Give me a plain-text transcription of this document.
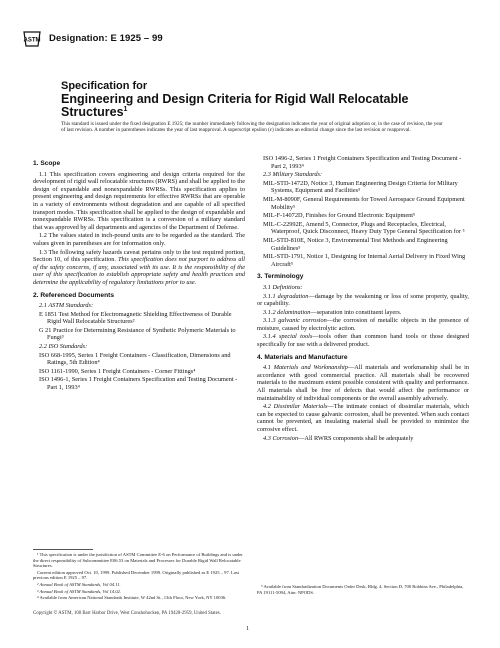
ASTM Designation: E 1925 – 99
Specification for
Engineering and Design Criteria for Rigid Wall Relocatable Structures$^1$
This standard is issued under the fixed designation E 1925; the number immediately following the designation indicates the year of original adoption or, in the case of revision, the year of last revision. A number in parentheses indicates the year of last reapproval. A superscript epsilon (ε) indicates an editorial change since the last revision or reapproval.
1. Scope

1.1 This specification covers engineering and design criteria required for the development of rigid wall relocatable structures (RWRS) and shall be applied to the design of expandable and nonexpandable RWRSs. This specification applies to present engineering and design requirements for effective RWRSs that are operable in a variety of environments without degradation and are capable of all specified transport modes. This specification shall be applied to the design of expandable and nonexpandable RWRSs. This specification is a conversion of a military standard that was approved by all departments and agencies of the Department of Defense.

1.2 The values stated in inch-pound units are to be regarded as the standard. The values given in parentheses are for information only.

1.3 The following safety hazards caveat pertains only to the test required portion, Section 10, of this specification. This specification does not purport to address all of the safety concerns, if any, associated with its use. It is the responsibility of the user of this specification to establish appropriate safety and health practices and determine the applicability of regulatory limitations prior to use.

2. Referenced Documents

2.1 ASTM Standards:

E 1851 Test Method for Electromagnetic Shielding Effectiveness of Durable Rigid Wall Relocatable Structures²

G 21 Practice for Determining Resistance of Synthetic Polymeric Materials to Fungi³

2.2 ISO Standards:

ISO 668-1995, Series 1 Freight Containers - Classification, Dimensions and Ratings, 5th Edition⁴

ISO 1161-1990, Series 1 Freight Containers - Corner Fittings⁴

ISO 1496-1, Series 1 Freight Containers Specification and Testing Document - Part 1, 1993⁴

ISO 1496-2, Series 1 Freight Containers Specification and Testing Document - Part 2, 1993⁴

2.3 Military Standards:

MIL-STD-1472D, Notice 3, Human Engineering Design Criteria for Military Systems, Equipment and Facilities⁵

MIL-M-8090F, General Requirements for Towed Aerospace Ground Equipment Mobility⁵

MIL-F-14072D, Finishes for Ground Electronic Equipment⁵

MIL-C-22992E, Amend 5, Connector, Plugs and Receptacles, Electrical, Waterproof, Quick Disconnect, Heavy Duty Type General Specification for ⁵

MIL-STD-810E, Notice 3, Environmental Test Methods and Engineering Guidelines⁵

MIL-STD-1791, Notice 1, Designing for Internal Aerial Delivery in Fixed Wing Aircraft⁵

3. Terminology

3.1 Definitions:

3.1.1 degradation—damage by the weakening or loss of some property, quality, or capability.

3.1.2 delamination—separation into constituent layers.

3.1.3 galvanic corrosion—the corrosion of metallic objects in the presence of moisture, caused by electrolytic action.

3.1.4 special tools—tools other than common hand tools or those designed specifically for use with a delivered product.

4. Materials and Manufacture

4.1 Materials and Workmanship—All materials and workmanship shall be in accordance with good commercial practice. All materials shall be recovered materials to the maximum extent possible consistent with quality and performance. All materials shall be free of defects that would affect the performance or maintainability of individual components or the overall assembly adversely.

4.2 Dissimilar Materials—The intimate contact of dissimilar materials, which can be expected to cause galvanic corrosion, shall be prevented. When such contact cannot be prevented, an insulating material shall be provided to minimize the corrosive effect.

4.3 Corrosion—All RWRS components shall be adequately

¹ This specification is under the jurisdiction of ASTM Committee E-6 on Performance of Buildings and is under the direct responsibility of Subcommittee E06.53 on Materials and Processes for Durable Rigid Wall Relocatable Structures.

Current edition approved Oct. 10, 1999. Published December 1999. Originally published as E 1925 – 97. Last previous edition E 1925 – 97.

² Annual Book of ASTM Standards, Vol 04.11.

³ Annual Book of ASTM Standards, Vol 14.02.

⁴ Available from American National Standards Institute, W 42nd St., 13th Floor, New York, NY 10036.

⁵ Available from Standardization Documents Order Desk, Bldg. 4, Section D, 700 Robbins Ave., Philadelphia, PA 19111-5094, Attn: NPODS.

Copyright © ASTM, 100 Barr Harbor Drive, West Conshohocken, PA 19428-2959, United States.
1
